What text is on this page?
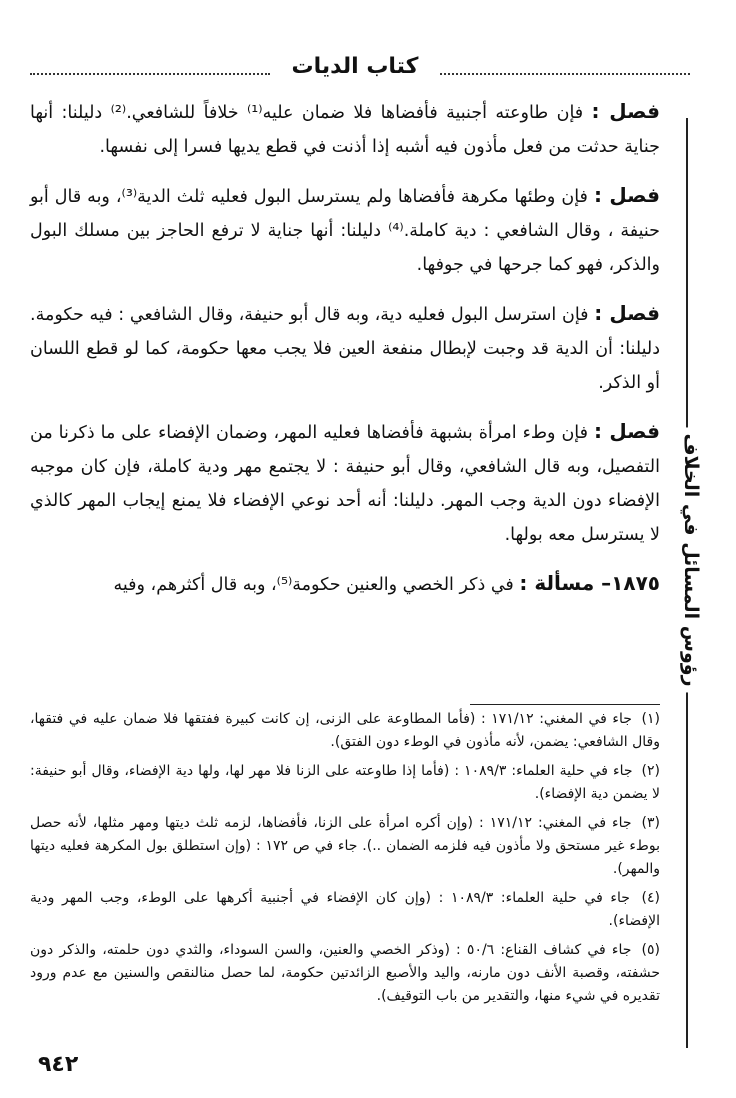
كتاب الديات
رؤوس المسائل في الخلاف

فصل : فإن طاوعته أجنبية فأفضاها فلا ضمان عليه⁽¹⁾ خلافاً للشافعي.⁽²⁾ دليلنا: أنها جناية حدثت من فعل مأذون فيه أشبه إذا أذنت في قطع يديها فسرا إلى نفسها.

فصل : فإن وطئها مكرهة فأفضاها ولم يسترسل البول فعليه ثلث الدية⁽³⁾، وبه قال أبو حنيفة ، وقال الشافعي : دية كاملة.⁽⁴⁾ دليلنا: أنها جناية لا ترفع الحاجز بين مسلك البول والذكر، فهو كما جرحها في جوفها.

فصل : فإن استرسل البول فعليه دية، وبه قال أبو حنيفة، وقال الشافعي : فيه حكومة. دليلنا: أن الدية قد وجبت لإبطال منفعة العين فلا يجب معها حكومة، كما لو قطع اللسان أو الذكر.

فصل : فإن وطء امرأة بشبهة فأفضاها فعليه المهر، وضمان الإفضاء على ما ذكرنا من التفصيل، وبه قال الشافعي، وقال أبو حنيفة : لا يجتمع مهر ودية كاملة، فإن كان موجبه الإفضاء دون الدية وجب المهر. دليلنا: أنه أحد نوعي الإفضاء فلا يمنع إيجاب المهر كالذي لا يسترسل معه بولها.

١٨٧٥– مسألة : في ذكر الخصي والعنين حكومة⁽⁵⁾، وبه قال أكثرهم، وفيه

(١) جاء في المغني: ١٧١/١٢ : (فأما المطاوعة على الزنى، إن كانت كبيرة ففتقها فلا ضمان عليه في فتقها، وقال الشافعي: يضمن، لأنه مأذون في الوطء دون الفتق).

(٢) جاء في حلية العلماء: ١٠٨٩/٣ : (فأما إذا طاوعته على الزنا فلا مهر لها، ولها دية الإفضاء، وقال أبو حنيفة: لا يضمن دية الإفضاء).

(٣) جاء في المغني: ١٧١/١٢ : (وإن أكره امرأة على الزنا، فأفضاها، لزمه ثلث ديتها ومهر مثلها، لأنه حصل بوطء غير مستحق ولا مأذون فيه فلزمه الضمان ..). جاء في ص ١٧٢ : (وإن استطلق بول المكرهة فعليه ديتها والمهر).

(٤) جاء في حلية العلماء: ١٠٨٩/٣ : (وإن كان الإفضاء في أجنبية أكرهها على الوطء، وجب المهر ودية الإفضاء).

(٥) جاء في كشاف القناع: ٥٠/٦ : (وذكر الخصي والعنين، والسن السوداء، والثدي دون حلمته، والذكر دون حشفته، وقصبة الأنف دون مارنه، واليد والأصبع الزائدتين حكومة، لما حصل منالنقص والسنين مع عدم ورود تقديره في شيء منها، والتقدير من باب التوقيف).

٩٤٢
